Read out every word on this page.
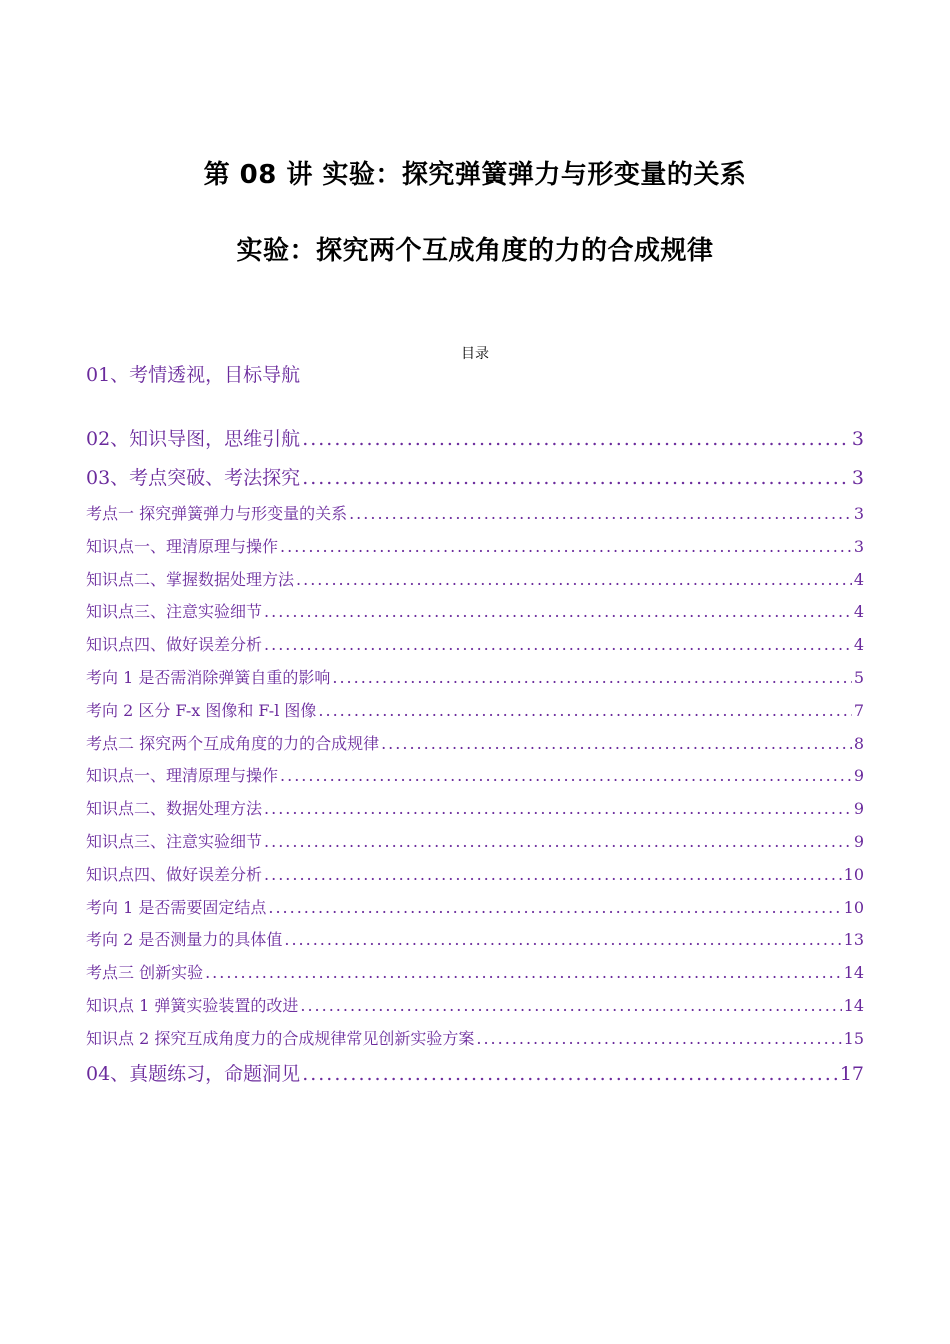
第 08 讲 实验：探究弹簧弹力与形变量的关系
实验：探究两个互成角度的力的合成规律
目录
01、考情透视，目标导航
02、知识导图，思维引航 .....	3
03、考点突破、考法探究 .....	3
考点一 探究弹簧弹力与形变量的关系 .....	3
知识点一、理清原理与操作 .....	3
知识点二、掌握数据处理方法 .....	4
知识点三、注意实验细节 .....	4
知识点四、做好误差分析 .....	4
考向 1 是否需消除弹簧自重的影响 .....	5
考向 2 区分 F-x 图像和 F-l 图像 .....	7
考点二 探究两个互成角度的力的合成规律 .....	8
知识点一、理清原理与操作 .....	9
知识点二、数据处理方法 .....	9
知识点三、注意实验细节 .....	9
知识点四、做好误差分析 .....	10
考向 1 是否需要固定结点 .....	10
考向 2 是否测量力的具体值 .....	13
考点三 创新实验 .....	14
知识点 1 弹簧实验装置的改进 .....	14
知识点 2 探究互成角度力的合成规律常见创新实验方案 .....	15
04、真题练习，命题洞见 .....	17
